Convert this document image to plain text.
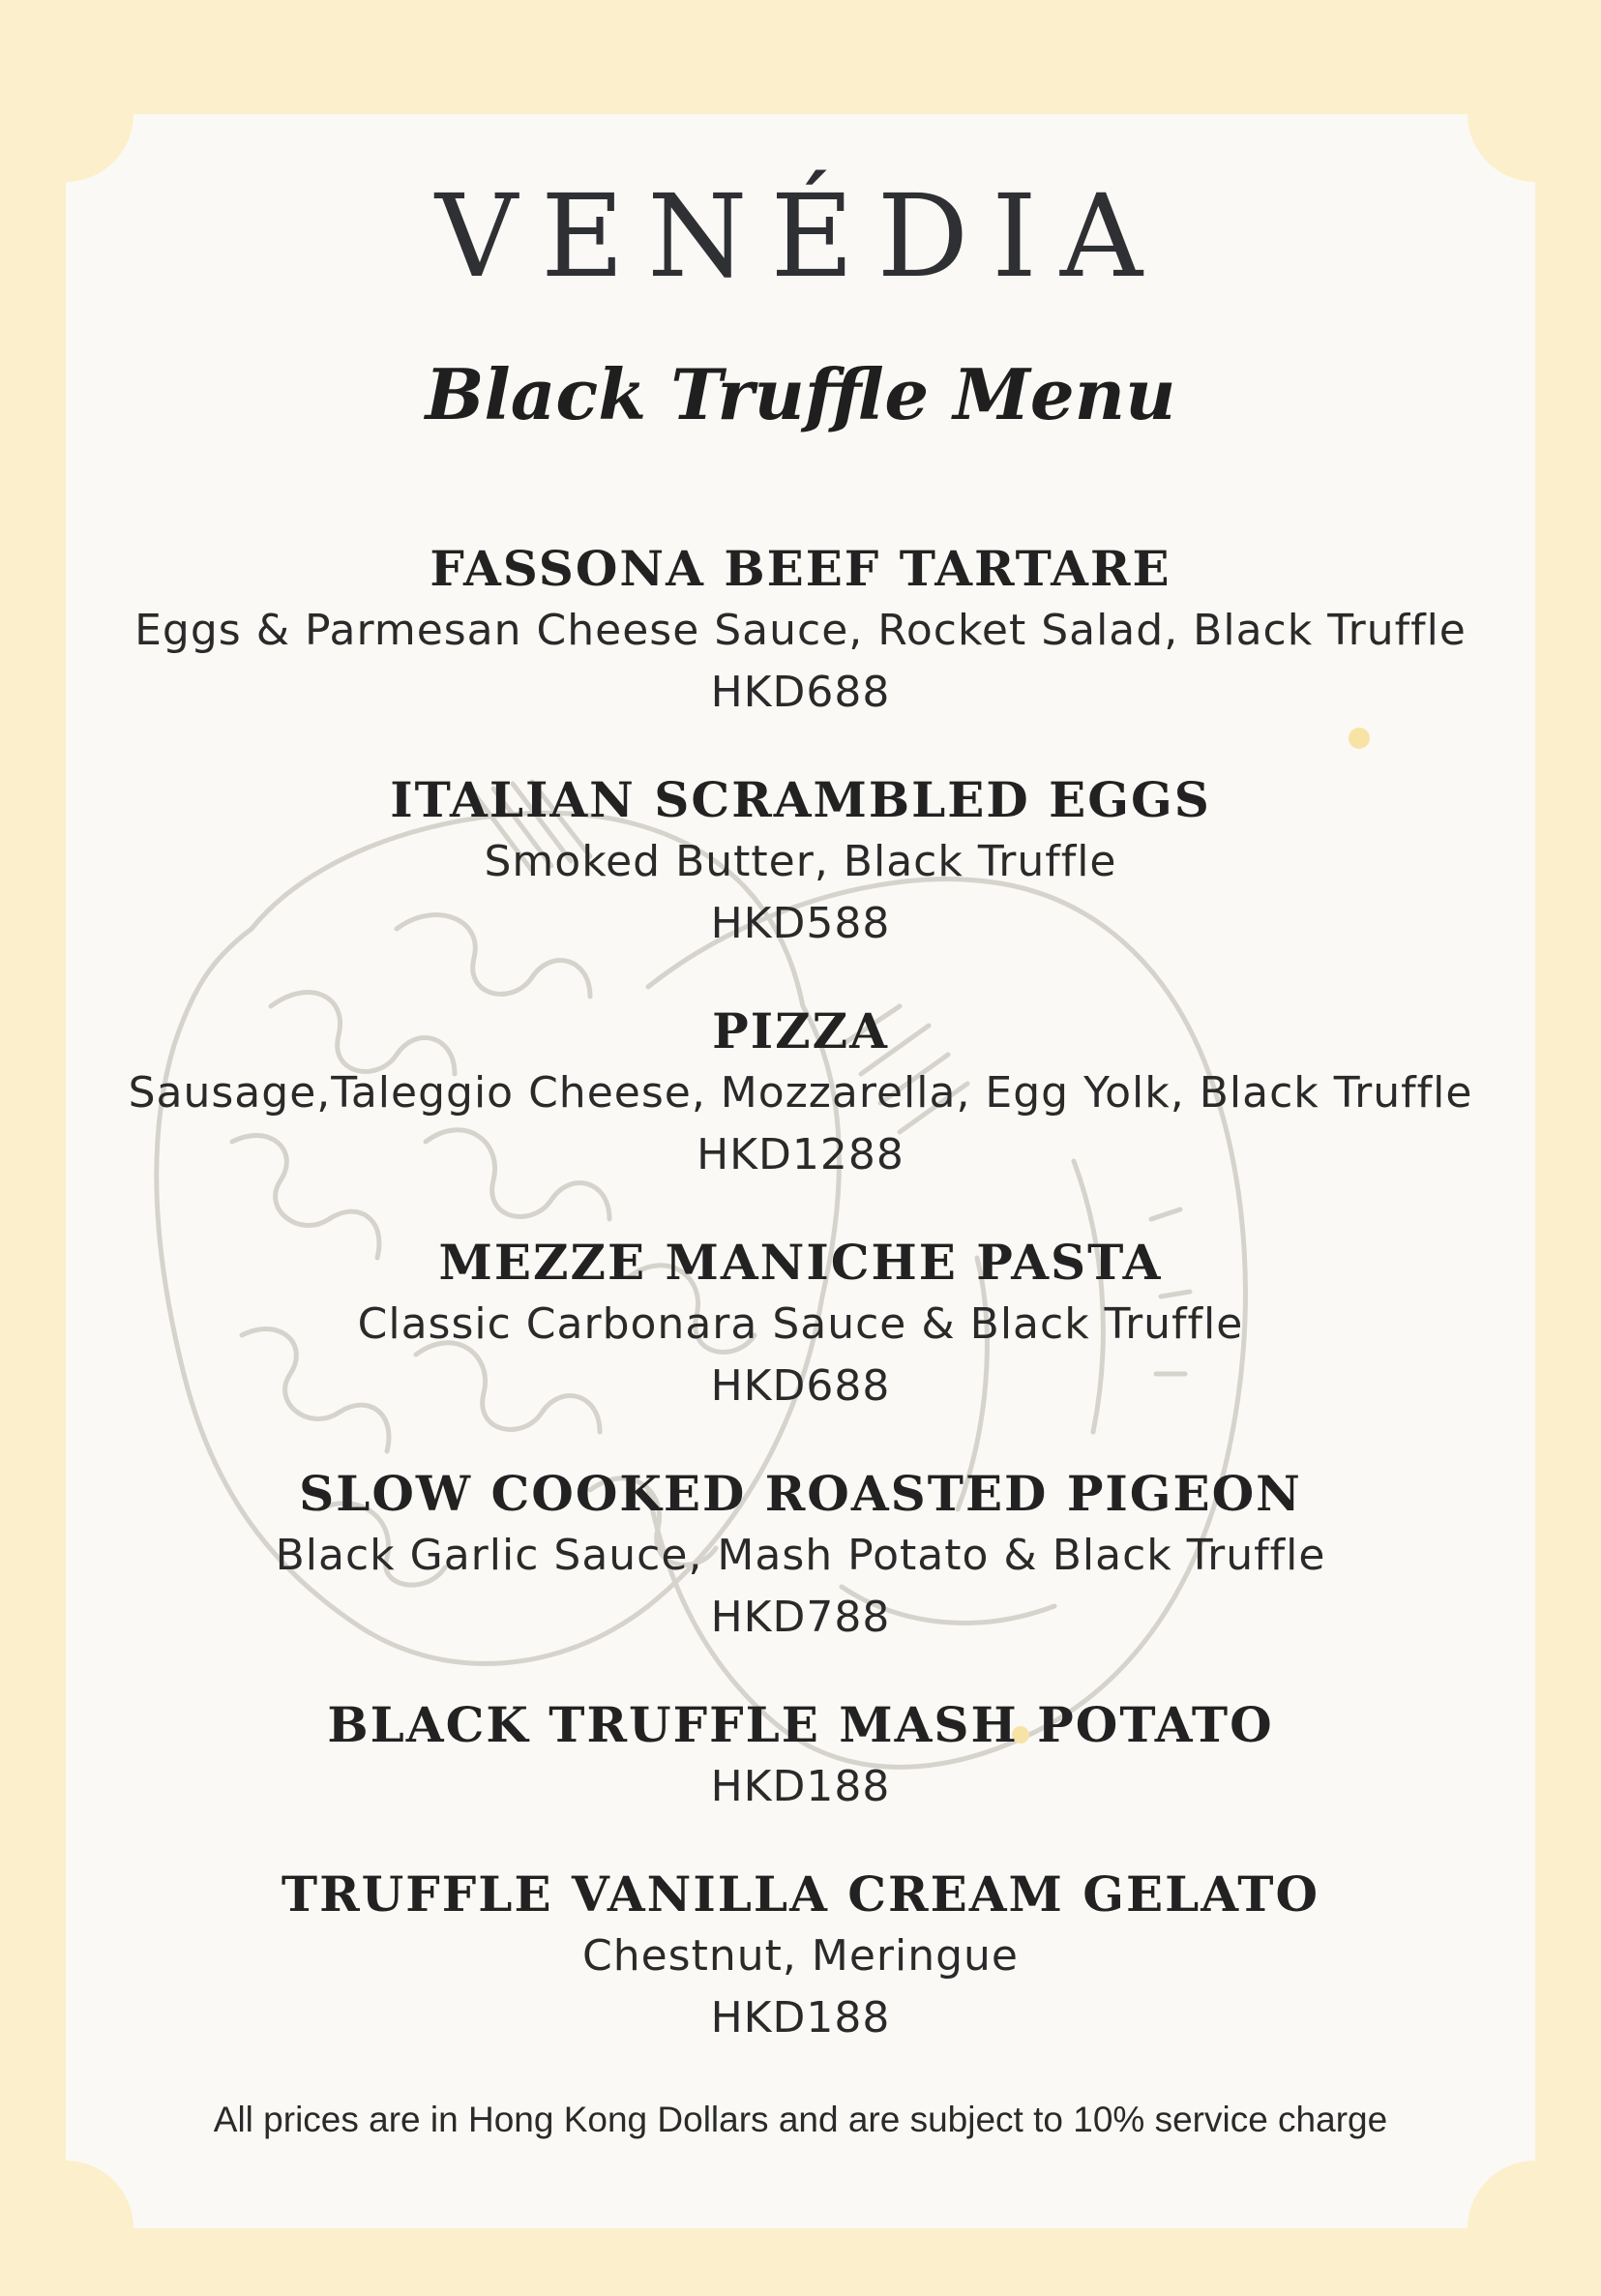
VENÉDIA
Black Truffle Menu
FASSONA BEEF TARTARE
Eggs & Parmesan Cheese Sauce, Rocket Salad, Black Truffle
HKD688
ITALIAN SCRAMBLED EGGS
Smoked Butter, Black Truffle
HKD588
PIZZA
Sausage,Taleggio Cheese, Mozzarella, Egg Yolk, Black Truffle
HKD1288
MEZZE MANICHE PASTA
Classic Carbonara Sauce & Black Truffle
HKD688
SLOW COOKED ROASTED PIGEON
Black Garlic Sauce, Mash Potato & Black Truffle
HKD788
BLACK TRUFFLE MASH POTATO
HKD188
TRUFFLE VANILLA CREAM GELATO
Chestnut, Meringue
HKD188
All prices are in Hong Kong Dollars and are subject to 10% service charge
